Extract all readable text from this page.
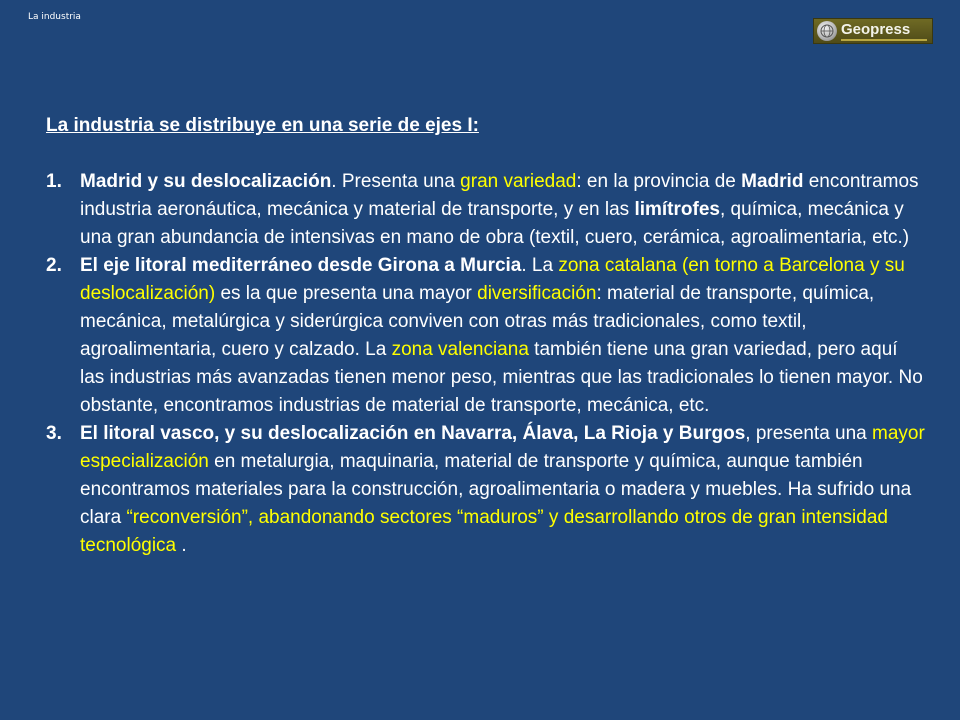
La industria
Geopress
La industria se distribuye en una serie de ejes I:
1. Madrid y su deslocalización. Presenta una gran variedad: en la provincia de Madrid encontramos industria aeronáutica, mecánica y material de transporte, y en las limítrofes, química, mecánica y una gran abundancia de intensivas en mano de obra (textil, cuero, cerámica, agroalimentaria, etc.)
2. El eje litoral mediterráneo desde Girona a Murcia. La zona catalana (en torno a Barcelona y su deslocalización) es la que presenta una mayor diversificación: material de transporte, química, mecánica, metalúrgica y siderúrgica conviven con otras más tradicionales, como textil, agroalimentaria, cuero y calzado. La zona valenciana también tiene una gran variedad, pero aquí las industrias más avanzadas tienen menor peso, mientras que las tradicionales lo tienen mayor. No obstante, encontramos industrias de material de transporte, mecánica, etc.
3. El litoral vasco, y su deslocalización en Navarra, Álava, La Rioja y Burgos, presenta una mayor especialización en metalurgia, maquinaria, material de transporte y química, aunque también encontramos materiales para la construcción, agroalimentaria o madera y muebles. Ha sufrido una clara “reconversión”, abandonando sectores “maduros” y desarrollando otros de gran intensidad tecnológica .
